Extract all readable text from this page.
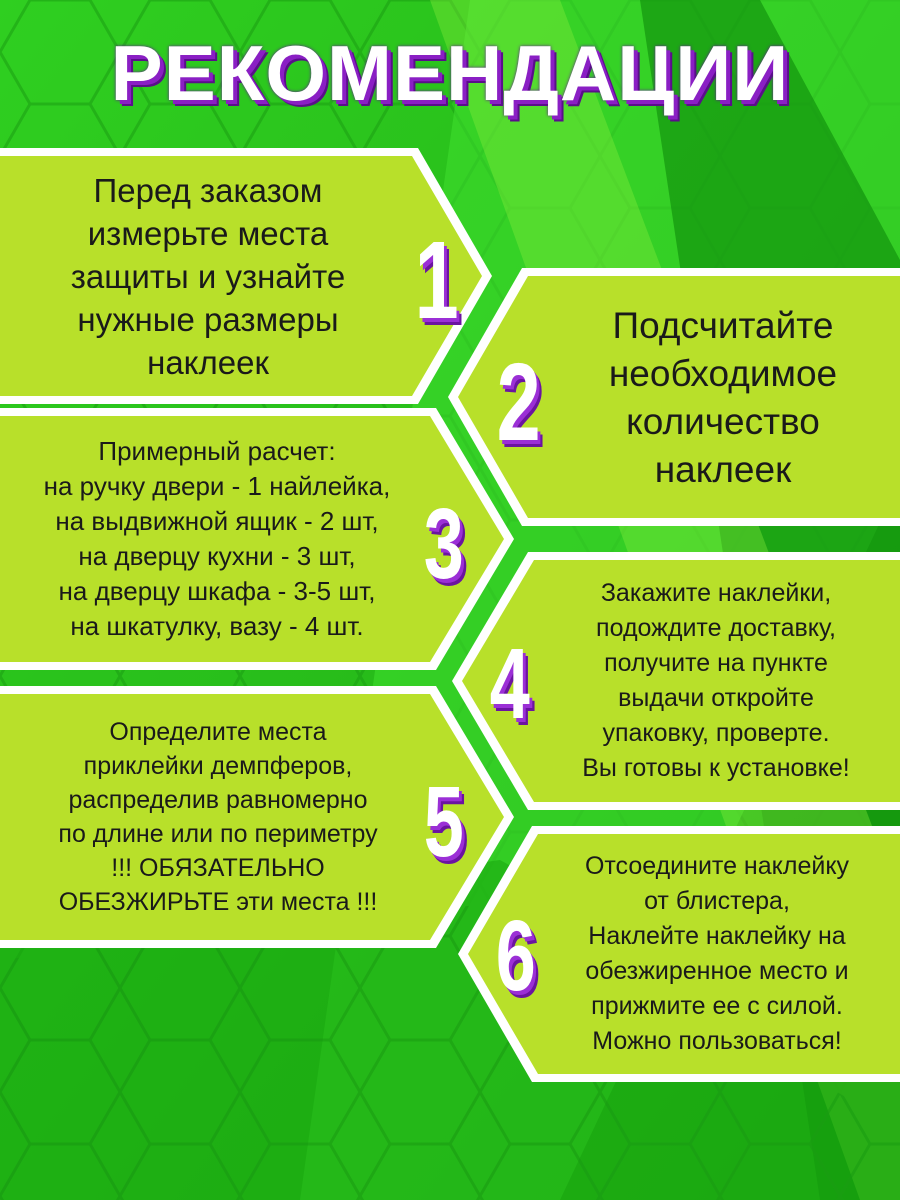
РЕКОМЕНДАЦИИ
Перед заказом
измерьте места
защиты и узнайте
нужные размеры
наклеек
1	Подсчитайте
необходимое
количество
наклеек
2
Примерный расчет:
на ручку двери - 1 найлейка,
на выдвижной ящик - 2 шт,
на дверцу кухни - 3 шт,
на дверцу шкафа - 3-5 шт,
на шкатулку, вазу - 4 шт.
3	Закажите наклейки,
подождите доставку,
получите на пункте
выдачи откройте
упаковку, проверте.
Вы готовы к установке!
4
Определите места
приклейки демпферов,
распределив равномерно
по длине или по периметру
!!! ОБЯЗАТЕЛЬНО
ОБЕЗЖИРЬТЕ эти места !!!
5	Отсоедините наклейку
от блистера,
Наклейте наклейку на
обезжиренное место и
прижмите ее с силой.
Можно пользоваться!
6
